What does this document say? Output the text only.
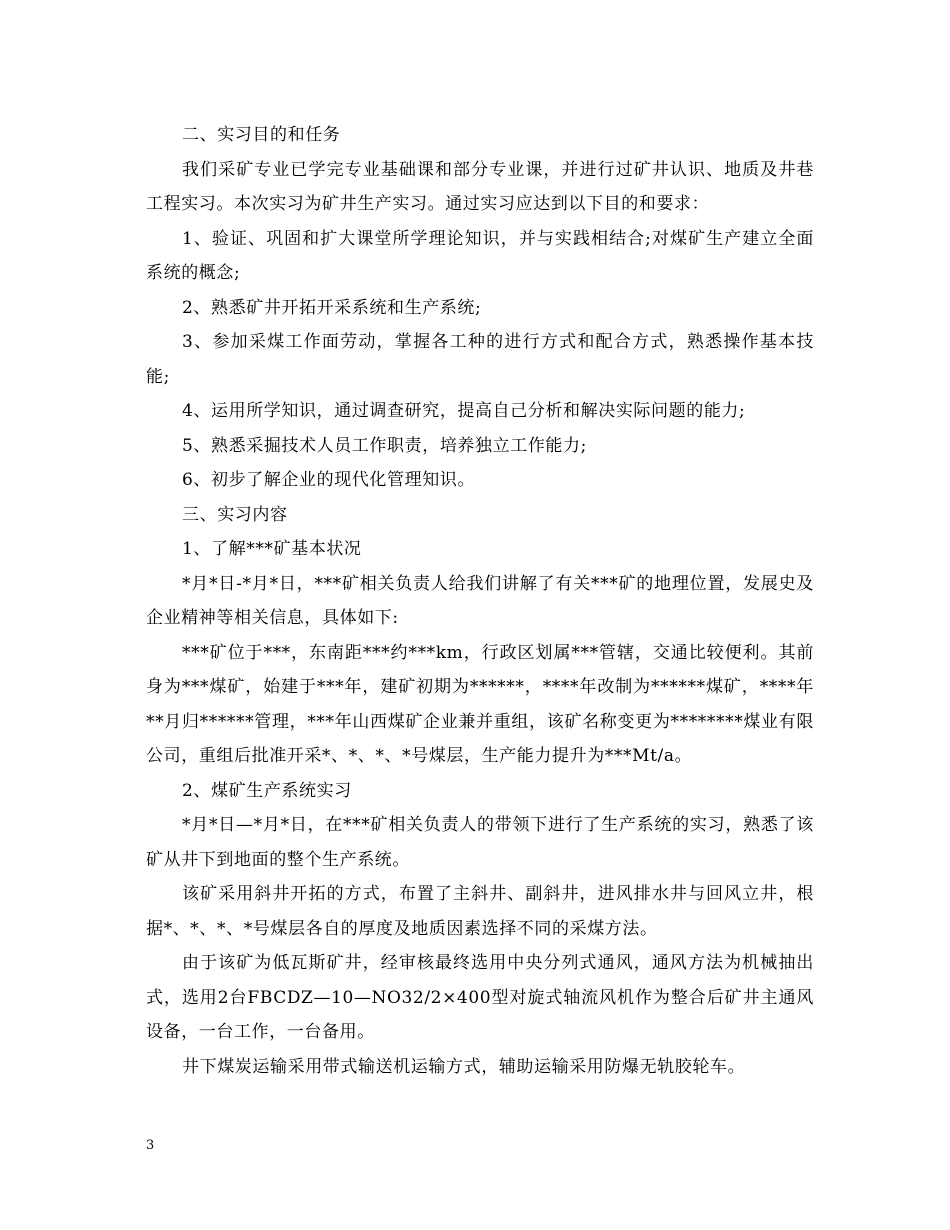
二、实习目的和任务

我们采矿专业已学完专业基础课和部分专业课，并进行过矿井认识、地质及井巷工程实习。本次实习为矿井生产实习。通过实习应达到以下目的和要求：

1、验证、巩固和扩大课堂所学理论知识，并与实践相结合;对煤矿生产建立全面系统的概念;

2、熟悉矿井开拓开采系统和生产系统;

3、参加采煤工作面劳动，掌握各工种的进行方式和配合方式，熟悉操作基本技能;

4、运用所学知识，通过调查研究，提高自己分析和解决实际问题的能力;

5、熟悉采掘技术人员工作职责，培养独立工作能力;

6、初步了解企业的现代化管理知识。

三、实习内容

1、了解***矿基本状况

*月*日-*月*日，***矿相关负责人给我们讲解了有关***矿的地理位置，发展史及企业精神等相关信息，具体如下:

***矿位于***，东南距***约***km，行政区划属***管辖，交通比较便利。其前身为***煤矿，始建于***年，建矿初期为******，****年改制为******煤矿，****年**月归******管理，***年山西煤矿企业兼并重组，该矿名称变更为********煤业有限公司，重组后批准开采*、*、*、*号煤层，生产能力提升为***Mt/a。

2、煤矿生产系统实习

*月*日—*月*日，在***矿相关负责人的带领下进行了生产系统的实习，熟悉了该矿从井下到地面的整个生产系统。

该矿采用斜井开拓的方式，布置了主斜井、副斜井，进风排水井与回风立井，根据*、*、*、*号煤层各自的厚度及地质因素选择不同的采煤方法。

由于该矿为低瓦斯矿井，经审核最终选用中央分列式通风，通风方法为机械抽出式，选用2台FBCDZ—10—NO32/2×400型对旋式轴流风机作为整合后矿井主通风设备，一台工作，一台备用。

井下煤炭运输采用带式输送机运输方式，辅助运输采用防爆无轨胶轮车。

3
